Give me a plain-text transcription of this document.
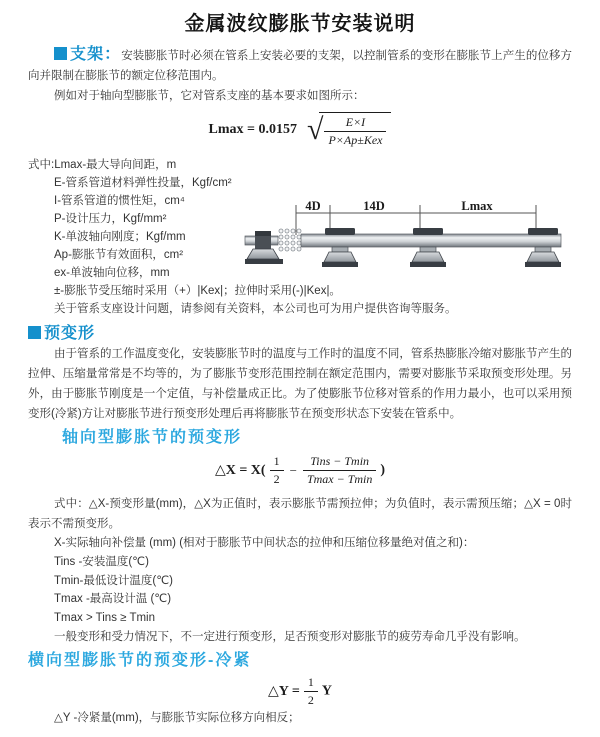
金属波纹膨胀节安装说明

支架：安装膨胀节时必须在管系上安装必要的支架，以控制管系的变形在膨胀节上产生的位移方向并限制在膨胀节的额定位移范围内。

例如对于轴向型膨胀节，它对管系支座的基本要求如图所示：

Lmax = 0.0157 √ $\frac{E\times I}{\text{P×Ap±Kex}}$
式中:Lmax-最大导向间距，m
E-管系管道材料弹性投量，Kgf/cm²
I-管系管道的惯性矩，cm⁴
P-设计压力，Kgf/mm²
K-单波轴向刚度；Kgf/mm
Ap-膨胀节有效面积，cm²
ex-单波轴向位移，mm
±-膨胀节受压缩时采用（+）|Kex|；拉伸时采用(-)|Kex|。
关于管系支座设计问题，请参阅有关资料，本公司也可为用户提供咨询等服务。
4D	14D	Lmax
预变形

由于管系的工作温度变化，安装膨胀节时的温度与工作时的温度不同，管系热膨胀冷缩对膨胀节产生的拉伸、压缩量常常是不均等的，为了膨胀节变形范围控制在额定范围内，需要对膨胀节采取预变形处理。另外，由于膨胀节刚度是一个定值，与补偿量成正比。为了使膨胀节位移对管系的作用力最小，也可以采用预变形(冷紧)方让对膨胀节进行预变形处理后再将膨胀节在预变形状态下安装在管系中。

轴向型膨胀节的预变形
△X = $X( \frac{1}{2} - \frac{\text{Tins − Tmin}}{Tmax - Tmin}$ )

式中：△X-预变形量(mm)，△X为正值时，表示膨胀节需预拉伸；为负值时，表示需预压缩；△X = 0时表示不需预变形。

X-实际轴向补偿量 (mm) (相对于膨胀节中间状态的拉伸和压缩位移量绝对值之和)：
Tins -安装温度(℃)
Tmin-最低设计温度(℃)
Tmax -最高设计温 (℃)
Tmax > Tins ≥ Tmin

一般变形和受力情况下，不一定进行预变形，足否预变形对膨胀节的疲劳寿命几乎没有影响。

横向型膨胀节的预变形-冷紧
△Y = $\frac{1}{2}$ Y
△Y -冷紧量(mm)，与膨胀节实际位移方向相反；
